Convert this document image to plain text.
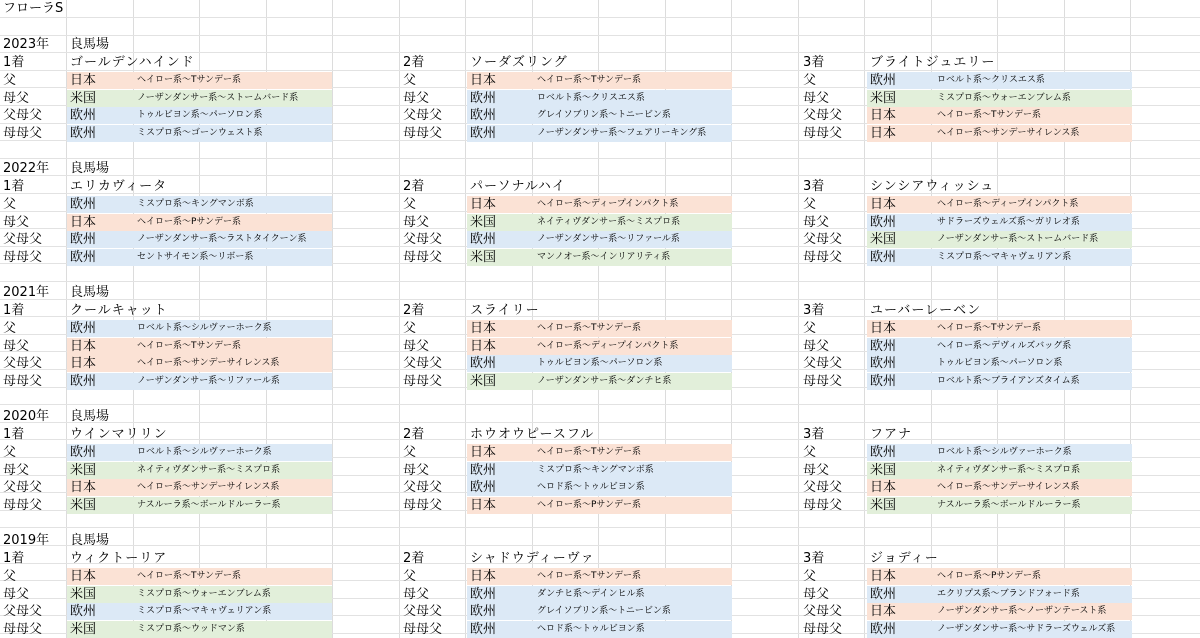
フローラS
2023年 良馬場
1着	ゴールデンハインド
父	日本	ヘイロー系〜Tサンデー系
母父	米国	ノーザンダンサー系〜ストームバード系
父母父 欧州	トゥルビヨン系〜パーソロン系
母母父 欧州	ミスプロ系〜ゴーンウェスト系
2着	ソーダズリング
父	日本	ヘイロー系〜Tサンデー系
母父	欧州	ロベルト系〜クリスエス系
父母父 欧州	グレイソブリン系〜トニービン系
母母父 欧州	ノーザンダンサー系〜フェアリーキング系
3着	ブライトジュエリー
父	欧州	ロベルト系〜クリスエス系
母父	米国	ミスプロ系〜ウォーエンブレム系
父母父 日本	ヘイロー系〜Tサンデー系
母母父 日本	ヘイロー系〜サンデーサイレンス系
2022年 良馬場
1着	エリカヴィータ
父	欧州	ミスプロ系〜キングマンボ系
母父	日本	ヘイロー系〜Pサンデー系
父母父 欧州	ノーザンダンサー系〜ラストタイクーン系
母母父 欧州	セントサイモン系〜リボー系
2着	パーソナルハイ
父	日本	ヘイロー系〜ディープインパクト系
母父	米国	ネイティヴダンサー系〜ミスプロ系
父母父 欧州	ノーザンダンサー系〜リファール系
母母父 米国	マンノオー系〜インリアリティ系
3着	シンシアウィッシュ
父	日本	ヘイロー系〜ディープインパクト系
母父	欧州	サドラーズウェルズ系〜ガリレオ系
父母父 米国	ノーザンダンサー系〜ストームバード系
母母父 欧州	ミスプロ系〜マキャヴェリアン系
2021年 良馬場
1着	クールキャット
父	欧州	ロベルト系〜シルヴァーホーク系
母父	日本	ヘイロー系〜Tサンデー系
父母父 日本	ヘイロー系〜サンデーサイレンス系
母母父 欧州	ノーザンダンサー系〜リファール系
2着	スライリー
父	日本	ヘイロー系〜Tサンデー系
母父	日本	ヘイロー系〜ディープインパクト系
父母父 欧州	トゥルビヨン系〜パーソロン系
母母父 米国	ノーザンダンサー系〜ダンチヒ系
3着	ユーバーレーベン
父	日本	ヘイロー系〜Tサンデー系
母父	欧州	ヘイロー系〜デヴィルズバッグ系
父母父 欧州	トゥルビヨン系〜パーソロン系
母母父 欧州	ロベルト系〜ブライアンズタイム系
2020年 良馬場
1着	ウインマリリン
父	欧州	ロベルト系〜シルヴァーホーク系
母父	米国	ネイティヴダンサー系〜ミスプロ系
父母父 日本	ヘイロー系〜サンデーサイレンス系
母母父 米国	ナスルーラ系〜ボールドルーラー系
2着	ホウオウピースフル
父	日本	ヘイロー系〜Tサンデー系
母父	欧州	ミスプロ系〜キングマンボ系
父母父 欧州	ヘロド系〜トゥルビヨン系
母母父 日本	ヘイロー系〜Pサンデー系
3着	フアナ
父	欧州	ロベルト系〜シルヴァーホーク系
母父	米国	ネイティヴダンサー系〜ミスプロ系
父母父 日本	ヘイロー系〜サンデーサイレンス系
母母父 米国	ナスルーラ系〜ボールドルーラー系
2019年 良馬場
1着	ウィクトーリア
父	日本	ヘイロー系〜Tサンデー系
母父	米国	ミスプロ系〜ウォーエンブレム系
父母父 欧州	ミスプロ系〜マキャヴェリアン系
母母父 米国	ミスプロ系〜ウッドマン系
2着	シャドウディーヴァ
父	日本	ヘイロー系〜Tサンデー系
母父	欧州	ダンチヒ系〜デインヒル系
父母父 欧州	グレイソブリン系〜トニービン系
母母父 欧州	ヘロド系〜トゥルビヨン系
3着	ジョディー
父	日本	ヘイロー系〜Pサンデー系
母父	欧州	エクリプス系〜ブランドフォード系
父母父 日本	ノーザンダンサー系〜ノーザンテースト系
母母父 欧州	ノーザンダンサー系〜サドラーズウェルズ系
